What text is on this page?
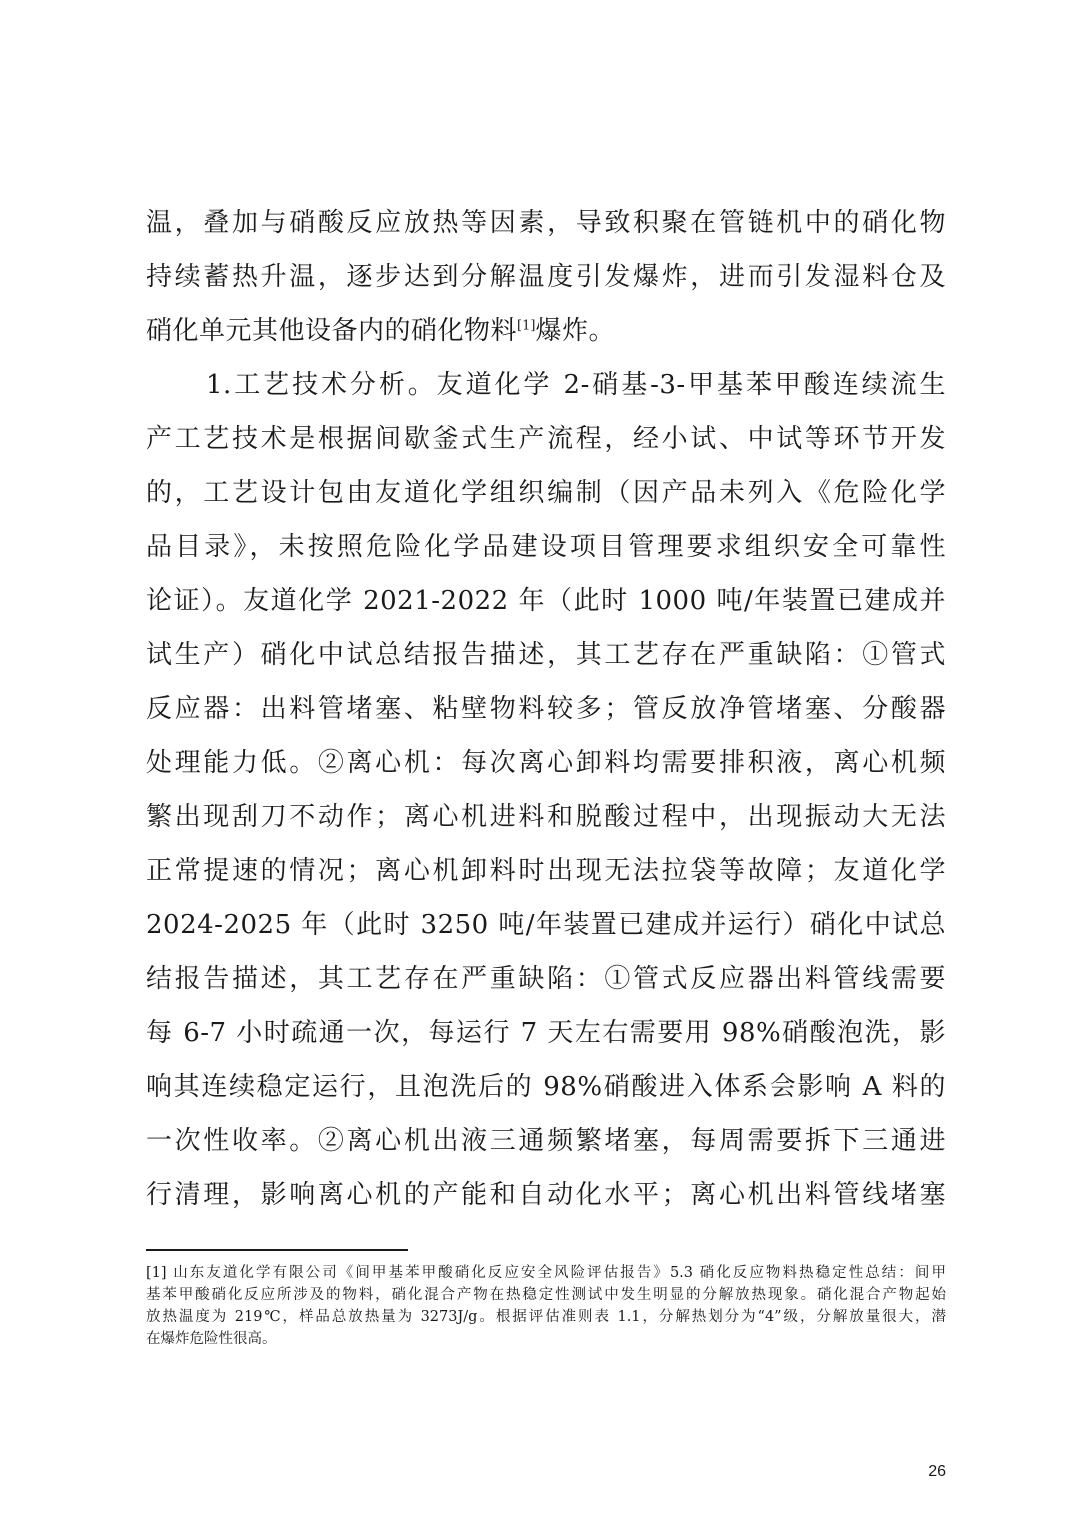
温，叠加与硝酸反应放热等因素，导致积聚在管链机中的硝化物
持续蓄热升温，逐步达到分解温度引发爆炸，进而引发湿料仓及
硝化单元其他设备内的硝化物料[1]爆炸。
1.工艺技术分析。友道化学 2-硝基-3-甲基苯甲酸连续流生
产工艺技术是根据间歇釜式生产流程，经小试、中试等环节开发
的，工艺设计包由友道化学组织编制（因产品未列入《危险化学
品目录》，未按照危险化学品建设项目管理要求组织安全可靠性
论证）。友道化学 2021-2022 年（此时 1000 吨/年装置已建成并
试生产）硝化中试总结报告描述，其工艺存在严重缺陷：①管式
反应器：出料管堵塞、粘壁物料较多；管反放净管堵塞、分酸器
处理能力低。②离心机：每次离心卸料均需要排积液，离心机频
繁出现刮刀不动作；离心机进料和脱酸过程中，出现振动大无法
正常提速的情况；离心机卸料时出现无法拉袋等故障；友道化学
2024-2025 年（此时 3250 吨/年装置已建成并运行）硝化中试总
结报告描述，其工艺存在严重缺陷：①管式反应器出料管线需要
每 6-7 小时疏通一次，每运行 7 天左右需要用 98%硝酸泡洗，影
响其连续稳定运行，且泡洗后的 98%硝酸进入体系会影响 A 料的
一次性收率。②离心机出液三通频繁堵塞，每周需要拆下三通进
行清理，影响离心机的产能和自动化水平；离心机出料管线堵塞
[1] 山东友道化学有限公司《间甲基苯甲酸硝化反应安全风险评估报告》5.3 硝化反应物料热稳定性总结：间甲
基苯甲酸硝化反应所涉及的物料，硝化混合产物在热稳定性测试中发生明显的分解放热现象。硝化混合产物起始
放热温度为 219℃，样品总放热量为 3273J/g。根据评估准则表 1.1，分解热划分为“4”级，分解放量很大，潜
在爆炸危险性很高。
26
